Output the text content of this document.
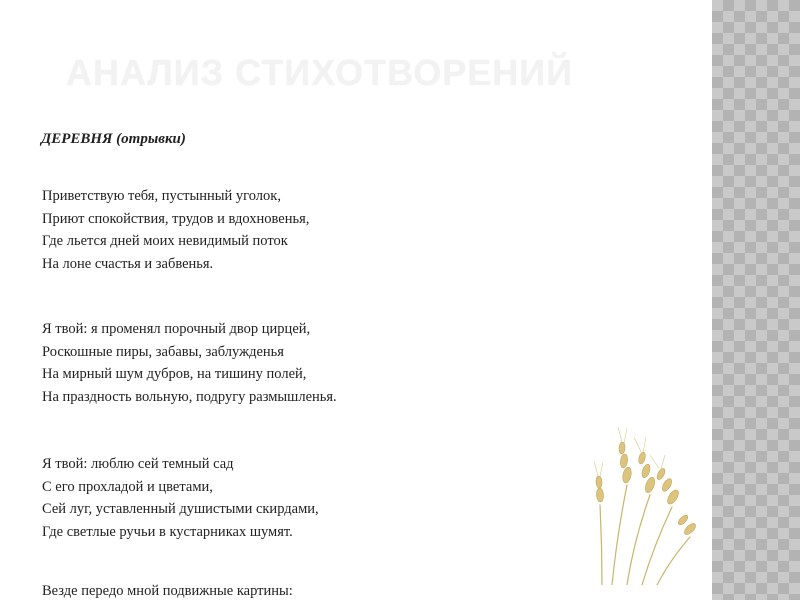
АНАЛИЗ СТИХОТВОРЕНИЙ
ДЕРЕВНЯ (отрывки)
Приветствую тебя, пустынный уголок,
Приют спокойствия, трудов и вдохновенья,
Где льется дней моих невидимый поток
На лоне счастья и забвенья.
Я твой: я променял порочный двор цирцей,
Роскошные пиры, забавы, заблужденья
На мирный шум дубров, на тишину полей,
На праздность вольную, подругу размышленья.
Я твой: люблю сей темный сад
С его прохладой и цветами,
Сей луг, уставленный душистыми скирдами,
Где светлые ручьи в кустарниках шумят.
Везде передо мной подвижные картины:
